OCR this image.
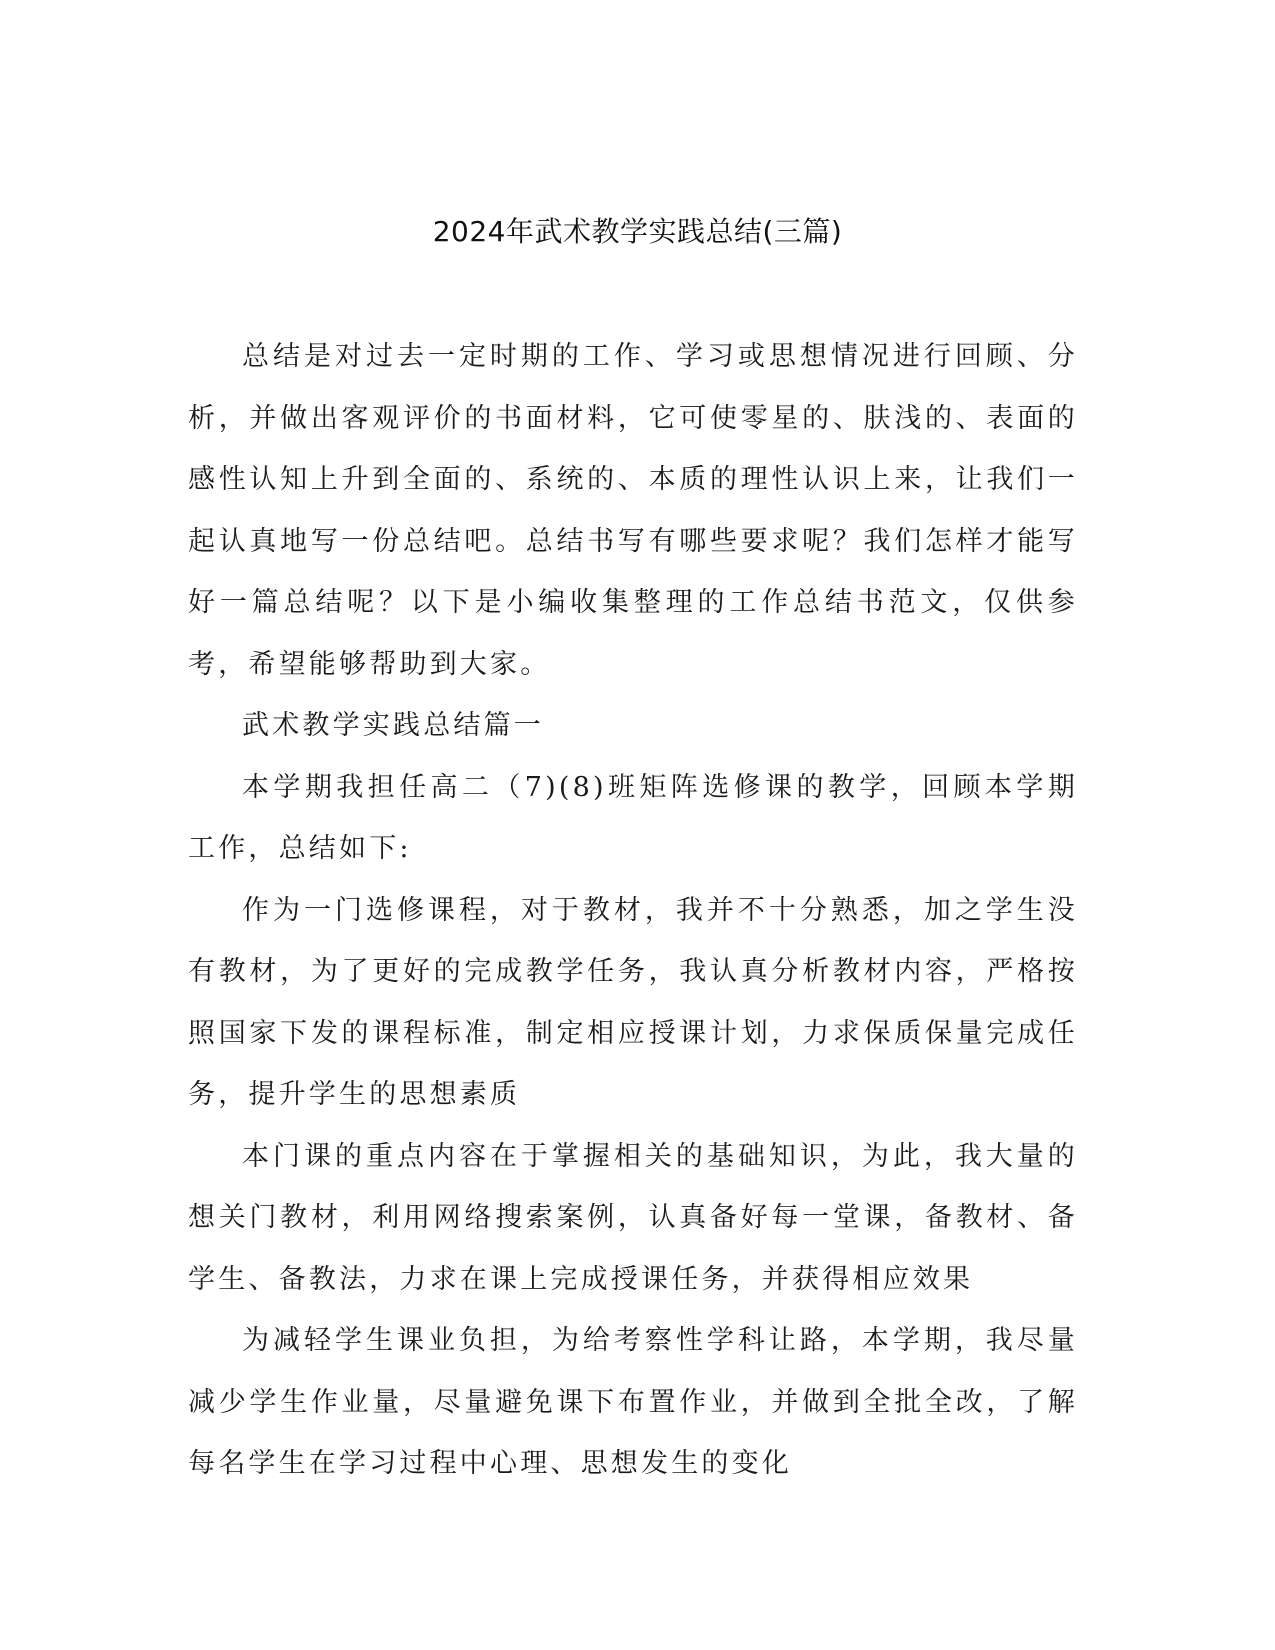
2024年武术教学实践总结(三篇)

总结是对过去一定时期的工作、学习或思想情况进行回顾、分析，并做出客观评价的书面材料，它可使零星的、肤浅的、表面的感性认知上升到全面的、系统的、本质的理性认识上来，让我们一起认真地写一份总结吧。总结书写有哪些要求呢？我们怎样才能写好一篇总结呢？以下是小编收集整理的工作总结书范文，仅供参考，希望能够帮助到大家。

武术教学实践总结篇一

本学期我担任高二（7)(8)班矩阵选修课的教学，回顾本学期工作，总结如下:

作为一门选修课程，对于教材，我并不十分熟悉，加之学生没有教材，为了更好的完成教学任务，我认真分析教材内容，严格按照国家下发的课程标准，制定相应授课计划，力求保质保量完成任务，提升学生的思想素质

本门课的重点内容在于掌握相关的基础知识，为此，我大量的想关门教材，利用网络搜索案例，认真备好每一堂课，备教材、备学生、备教法，力求在课上完成授课任务，并获得相应效果

为减轻学生课业负担，为给考察性学科让路，本学期，我尽量减少学生作业量，尽量避免课下布置作业，并做到全批全改，了解每名学生在学习过程中心理、思想发生的变化
